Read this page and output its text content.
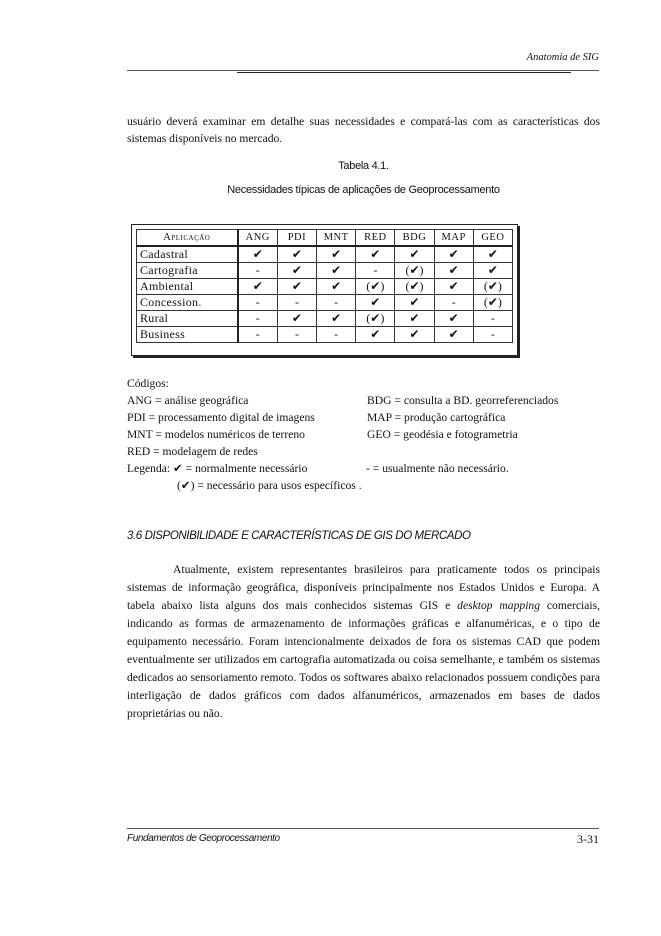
Anatomia de SIG
usuário deverá examinar em detalhe suas necessidades e compará-las com as características dos sistemas disponíveis no mercado.
Tabela 4.1.
Necessidades típicas de aplicações de Geoprocessamento
Aplicação	ANG	PDI	MNT	RED	BDG	MAP	GEO
Cadastral	✔	✔	✔	✔	✔	✔	✔
Cartografia	-	✔	✔	-	(✔)	✔	✔
Ambiental	✔	✔	✔	(✔)	(✔)	✔	(✔)
Concession.	-	-	-	✔	✔	-	(✔)
Rural	-	✔	✔	(✔)	✔	✔	-
Business	-	-	-	✔	✔	✔	-
Códigos:
ANG = análise geográfica	BDG = consulta a BD. georreferenciados
PDI = processamento digital de imagens	MAP = produção cartográfica
MNT = modelos numéricos de terreno	GEO = geodésia e fotogrametria
RED = modelagem de redes
Legenda: ✔ = normalmente necessário	- = usualmente não necessário.
(✔) = necessário para usos específicos .
3.6 DISPONIBILIDADE E CARACTERÍSTICAS DE GIS DO MERCADO
Atualmente, existem representantes brasileiros para praticamente todos os principais sistemas de informação geográfica, disponíveis principalmente nos Estados Unidos e Europa. A tabela abaixo lista alguns dos mais conhecidos sistemas GIS e desktop mapping comerciais, indicando as formas de armazenamento de informações gráficas e alfanuméricas, e o tipo de equipamento necessário. Foram intencionalmente deixados de fora os sistemas CAD que podem eventualmente ser utilizados em cartografia automatizada ou coisa semelhante, e também os sistemas dedicados ao sensoriamento remoto. Todos os softwares abaixo relacionados possuem condições para interligação de dados gráficos com dados alfanuméricos, armazenados em bases de dados proprietárias ou não.
Fundamentos de Geoprocessamento	3-31
